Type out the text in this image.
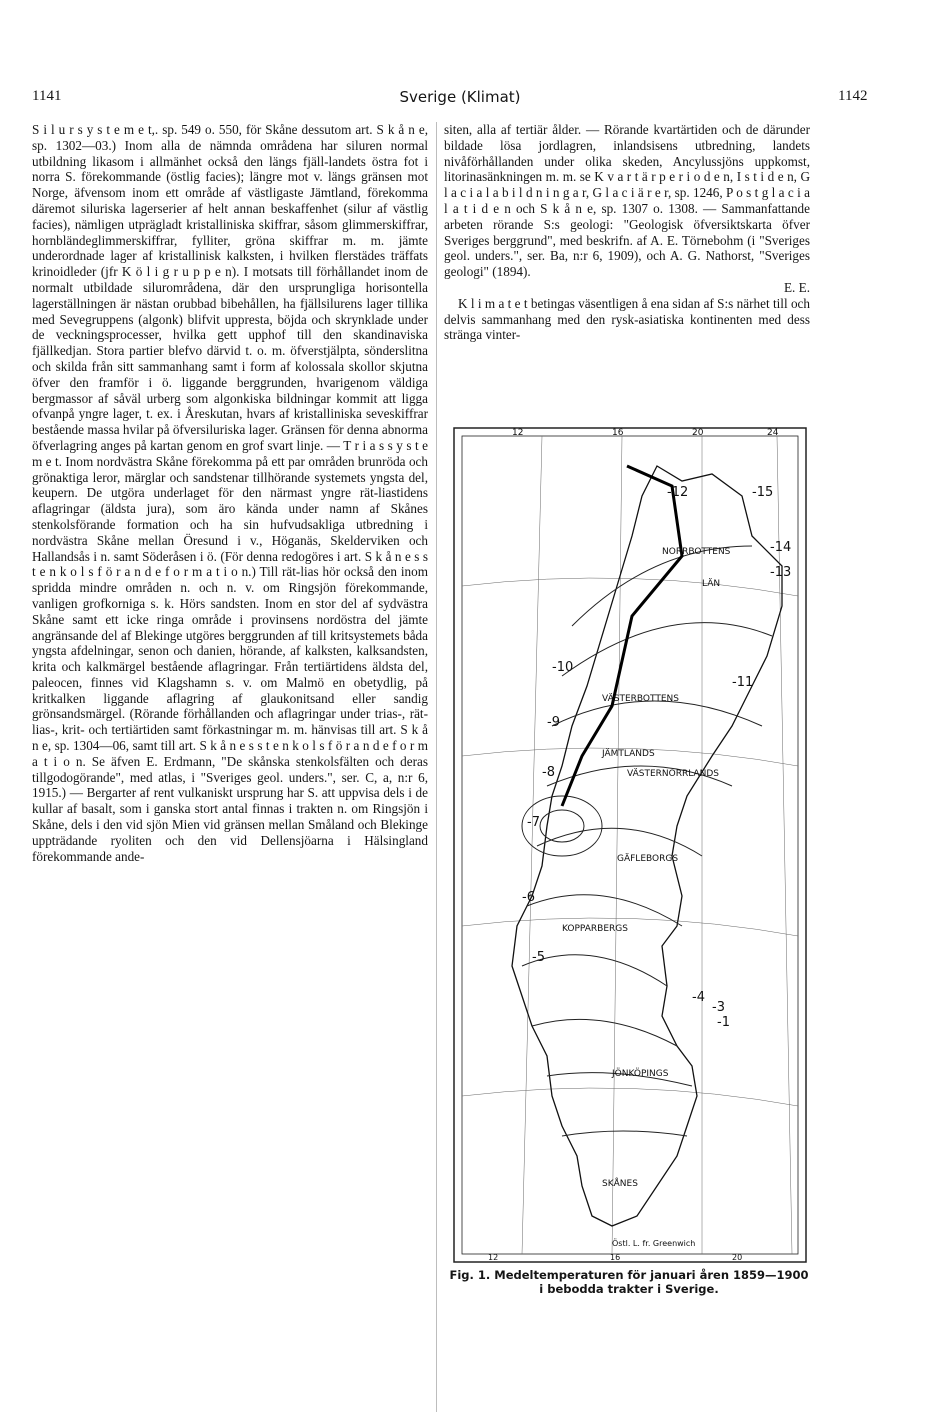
1141	Sverige (Klimat)	1142

S i l u r s y s t e m e t,. sp. 549 o. 550, för Skåne dessutom art. S k å n e, sp. 1302—03.) Inom alla de nämnda områdena har siluren normal utbildning likasom i allmänhet också den längs fjäll-landets östra fot i norra S. förekommande (östlig facies); längre mot v. längs gränsen mot Norge, äfvensom inom ett område af västligaste Jämtland, förekomma däremot siluriska lagerserier af helt annan beskaffenhet (silur af västlig facies), nämligen utprägladt kristalliniska skiffrar, såsom glimmerskiffrar, hornbländeglimmerskiffrar, fylliter, gröna skiffrar m. m. jämte underordnade lager af kristallinisk kalksten, i hvilken flerstädes träffats krinoidleder (jfr K ö l i g r u p p e n). I motsats till förhållandet inom de normalt utbildade silurområdena, där den ursprungliga horisontella lagerställningen är nästan orubbad bibehållen, ha fjällsilurens lager tillika med Sevegruppens (algonk) blifvit uppresta, böjda och skrynklade under de veckningsprocesser, hvilka gett upphof till den skandinaviska fjällkedjan. Stora partier blefvo därvid t. o. m. öfverstjälpta, sönderslitna och skilda från sitt sammanhang samt i form af kolossala skollor skjutna öfver den framför i ö. liggande berggrunden, hvarigenom väldiga bergmassor af såväl urberg som algonkiska bildningar kommit att ligga ofvanpå yngre lager, t. ex. i Åreskutan, hvars af kristalliniska seveskiffrar bestående massa hvilar på öfversiluriska lager. Gränsen för denna abnorma öfverlagring anges på kartan genom en grof svart linje. — T r i a s s y s t e m e t. Inom nordvästra Skåne förekomma på ett par områden brunröda och grönaktiga leror, märglar och sandstenar tillhörande systemets yngsta del, keupern. De utgöra underlaget för den närmast yngre rät-liastidens aflagringar (äldsta jura), som äro kända under namn af Skånes stenkolsförande formation och ha sin hufvudsakliga utbredning i nordvästra Skåne mellan Öresund i v., Höganäs, Skelderviken och Hallandsås i n. samt Söderåsen i ö. (För denna redogöres i art. S k å n e s s t e n k o l s f ö r a n d e f o r m a t i o n.) Till rät-lias hör också den inom spridda mindre områden n. och n. v. om Ringsjön förekommande, vanligen grofkorniga s. k. Hörs sandsten. Inom en stor del af sydvästra Skåne samt ett icke ringa område i provinsens nordöstra del jämte angränsande del af Blekinge utgöres berggrunden af till kritsystemets båda yngsta afdelningar, senon och danien, hörande, af kalksten, kalksandsten, krita och kalkmärgel bestående aflagringar. Från tertiärtidens äldsta del, paleocen, finnes vid Klagshamn s. v. om Malmö en obetydlig, på kritkalken liggande aflagring af glaukonitsand eller sandig grönsandsmärgel. (Rörande förhållanden och aflagringar under trias-, rät-lias-, krit- och tertiärtiden samt förkastningar m. m. hänvisas till art. S k å n e, sp. 1304—06, samt till art. S k å n e s s t e n k o l s f ö r a n d e f o r m a t i o n. Se äfven E. Erdmann, "De skånska stenkolsfälten och deras tillgodogörande", med atlas, i "Sveriges geol. unders.", ser. C, a, n:r 6, 1915.) — Bergarter af rent vulkaniskt ursprung har S. att uppvisa dels i de kullar af basalt, som i ganska stort antal finnas i trakten n. om Ringsjön i Skåne, dels i den vid sjön Mien vid gränsen mellan Småland och Blekinge uppträdande ryoliten och den vid Dellensjöarna i Hälsingland förekommande ande-

siten, alla af tertiär ålder. — Rörande kvartärtiden och de därunder bildade lösa jordlagren, inlandsisens utbredning, landets nivåförhållanden under olika skeden, Ancylussjöns uppkomst, litorinasänkningen m. m. se K v a r t ä r p e r i o d e n, I s t i d e n, G l a c i a l a b i l d n i n g a r, G l a c i ä r e r, sp. 1246, P o s t g l a c i a l a t i d e n och S k å n e, sp. 1307 o. 1308. — Sammanfattande arbeten rörande S:s geologi: "Geologisk öfversiktskarta öfver Sveriges berggrund", med beskrifn. af A. E. Törnebohm (i "Sveriges geol. unders.", ser. Ba, n:r 6, 1909), och A. G. Nathorst, "Sveriges geologi" (1894).

E. E.

K l i m a t e t betingas väsentligen å ena sidan af S:s närhet till och delvis sammanhang med den rysk-asiatiska kontinenten med dess stränga vinter-

12	16	20	24
NORRBOTTENS
LÄN
VÄSTERBOTTENS
JÄMTLANDS
VÄSTERNORRLANDS
GÄFLEBORGS
KOPPARBERGS
JÖNKÖPINGS
SKÅNES
-12	-15
-14
-13
-10
-11
-9
-8
-7
-6
-5
-4
-3
-1
Östl. L. fr. Greenwich
12	16	20
Fig. 1. Medeltemperaturen för januari åren 1859—1900
i bebodda trakter i Sverige.
